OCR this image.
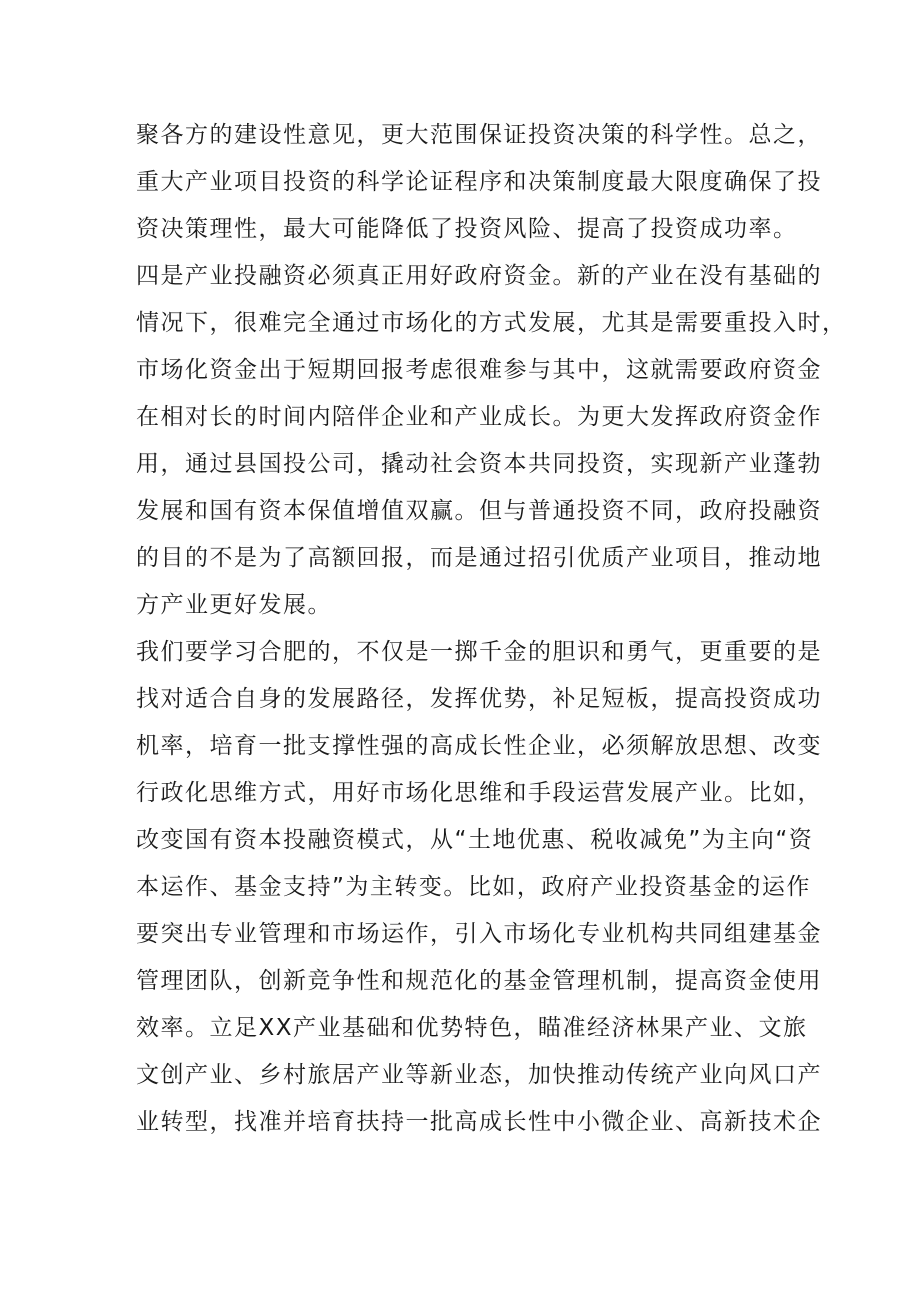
聚各方的建设性意见，更大范围保证投资决策的科学性。总之，
重大产业项目投资的科学论证程序和决策制度最大限度确保了投
资决策理性，最大可能降低了投资风险、提高了投资成功率。
四是产业投融资必须真正用好政府资金。新的产业在没有基础的
情况下，很难完全通过市场化的方式发展，尤其是需要重投入时，
市场化资金出于短期回报考虑很难参与其中，这就需要政府资金
在相对长的时间内陪伴企业和产业成长。为更大发挥政府资金作
用，通过县国投公司，撬动社会资本共同投资，实现新产业蓬勃
发展和国有资本保值增值双赢。但与普通投资不同，政府投融资
的目的不是为了高额回报，而是通过招引优质产业项目，推动地
方产业更好发展。
我们要学习合肥的，不仅是一掷千金的胆识和勇气，更重要的是
找对适合自身的发展路径，发挥优势，补足短板，提高投资成功
机率，培育一批支撑性强的高成长性企业，必须解放思想、改变
行政化思维方式，用好市场化思维和手段运营发展产业。比如，
改变国有资本投融资模式，从“土地优惠、税收减免”为主向“资
本运作、基金支持”为主转变。比如，政府产业投资基金的运作
要突出专业管理和市场运作，引入市场化专业机构共同组建基金
管理团队，创新竞争性和规范化的基金管理机制，提高资金使用
效率。立足XX产业基础和优势特色，瞄准经济林果产业、文旅
文创产业、乡村旅居产业等新业态，加快推动传统产业向风口产
业转型，找准并培育扶持一批高成长性中小微企业、高新技术企
